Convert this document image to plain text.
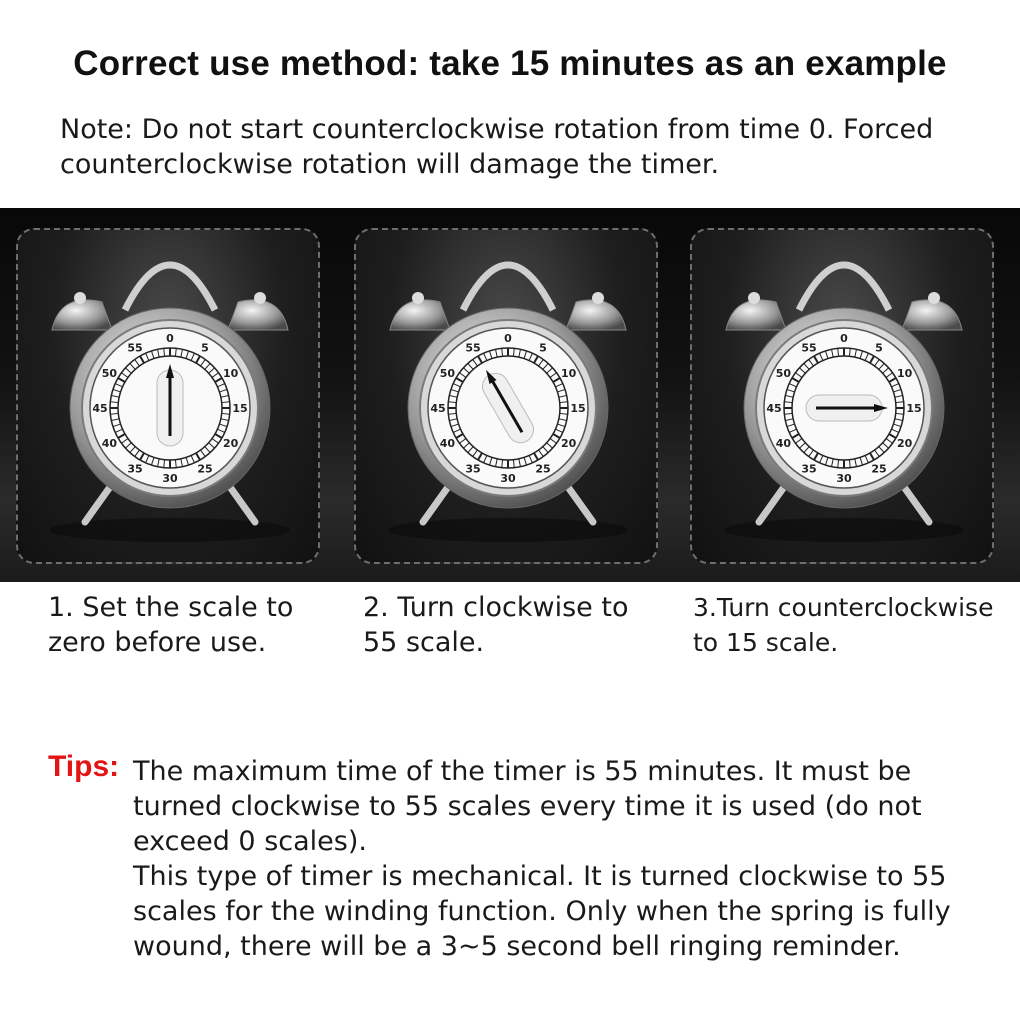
Correct use method: take 15 minutes as an example
Note: Do not start counterclockwise rotation from time 0. Forced counterclockwise rotation will damage the timer.
0
5
10
15
20
25
30
35
40
45
50
55
0
5
10
15
20
25
30
35
40
45
50
55
0
5
10
15
20
25
30
35
40
45
50
55
1. Set the scale to zero before use.
2. Turn clockwise to 55 scale.
3.Turn counterclockwise to 15 scale.
Tips: The maximum time of the timer is 55 minutes. It must be turned clockwise to 55 scales every time it is used (do not exceed 0 scales).

This type of timer is mechanical. It is turned clockwise to 55 scales for the winding function. Only when the spring is fully wound, there will be a 3~5 second bell ringing reminder.
